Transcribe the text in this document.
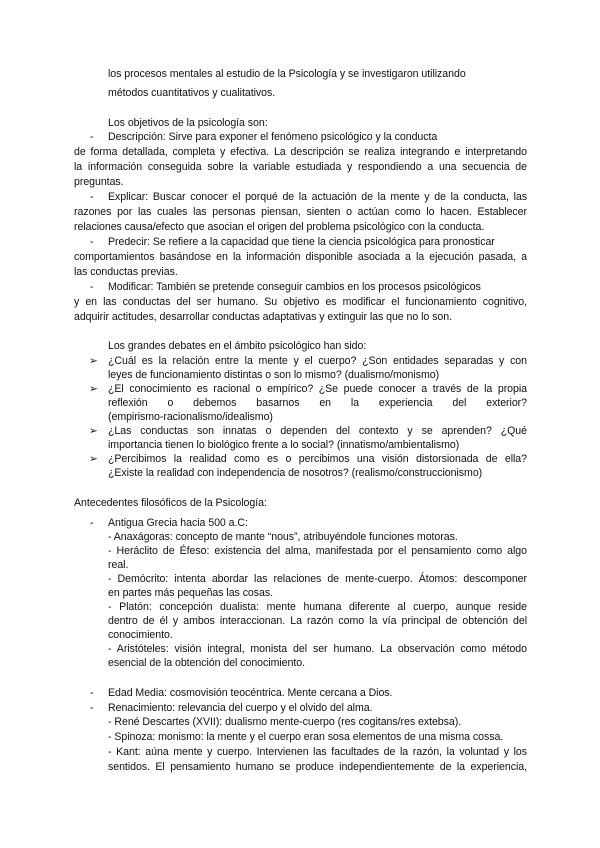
los procesos mentales al estudio de la Psicología y se investigaron utilizando

métodos cuantitativos y cualitativos.

Los objetivos de la psicología son:

- Descripción: Sirve para exponer el fenómeno psicológico y la conducta

de forma detallada, completa y efectiva. La descripción se realiza integrando e interpretando

la información conseguida sobre la variable estudiada y respondiendo a una secuencia de

preguntas.

- Explicar: Buscar conocer el porqué de la actuación de la mente y de la conducta, las

razones por las cuales las personas piensan, sienten o actúan como lo hacen. Establecer

relaciones causa/efecto que asocian el origen del problema psicológico con la conducta.

- Predecir: Se refiere a la capacidad que tiene la ciencia psicológica para pronosticar

comportamientos basándose en la información disponible asociada a la ejecución pasada, a

las conductas previas.

- Modificar: También se pretende conseguir cambios en los procesos psicológicos

y en las conductas del ser humano. Su objetivo es modificar el funcionamiento cognitivo,

adquirir actitudes, desarrollar conductas adaptativas y extinguir las que no lo son.

Los grandes debates en el ámbito psicológico han sido:

➢ ¿Cuál es la relación entre la mente y el cuerpo? ¿Son entidades separadas y con

leyes de funcionamiento distintas o son lo mismo? (dualismo/monismo)

➢ ¿El conocimiento es racional o empírico? ¿Se puede conocer a través de la propia

reflexión o debemos basarnos en la experiencia del exterior?

(empirismo-racionalismo/idealismo)

➢ ¿Las conductas son innatas o dependen del contexto y se aprenden? ¿Qué

importancia tienen lo biológico frente a lo social? (innatismo/ambientalismo)

➢ ¿Percibimos la realidad como es o percibimos una visión distorsionada de ella?

¿Existe la realidad con independencia de nosotros? (realismo/construccionismo)

Antecedentes filosóficos de la Psicología:

- Antigua Grecia hacia 500 a.C:

- Anaxágoras: concepto de mante “nous”, atribuyéndole funciones motoras.

- Heráclito de Éfeso: existencia del alma, manifestada por el pensamiento como algo

real.

- Demócrito: intenta abordar las relaciones de mente-cuerpo. Átomos: descomponer

en partes más pequeñas las cosas.

- Platón: concepción dualista: mente humana diferente al cuerpo, aunque reside

dentro de él y ambos interaccionan. La razón como la vía principal de obtención del

conocimiento.

- Aristóteles: visión integral, monista del ser humano. La observación como método

esencial de la obtención del conocimiento.

- Edad Media: cosmovisión teocéntrica. Mente cercana a Dios.

- Renacimiento: relevancia del cuerpo y el olvido del alma.

- René Descartes (XVII): dualismo mente-cuerpo (res cogitans/res extebsa).

- Spinoza: monismo: la mente y el cuerpo eran sosa elementos de una misma cossa.

- Kant: aúna mente y cuerpo. Intervienen las facultades de la razón, la voluntad y los

sentidos. El pensamiento humano se produce independientemente de la experiencia,
